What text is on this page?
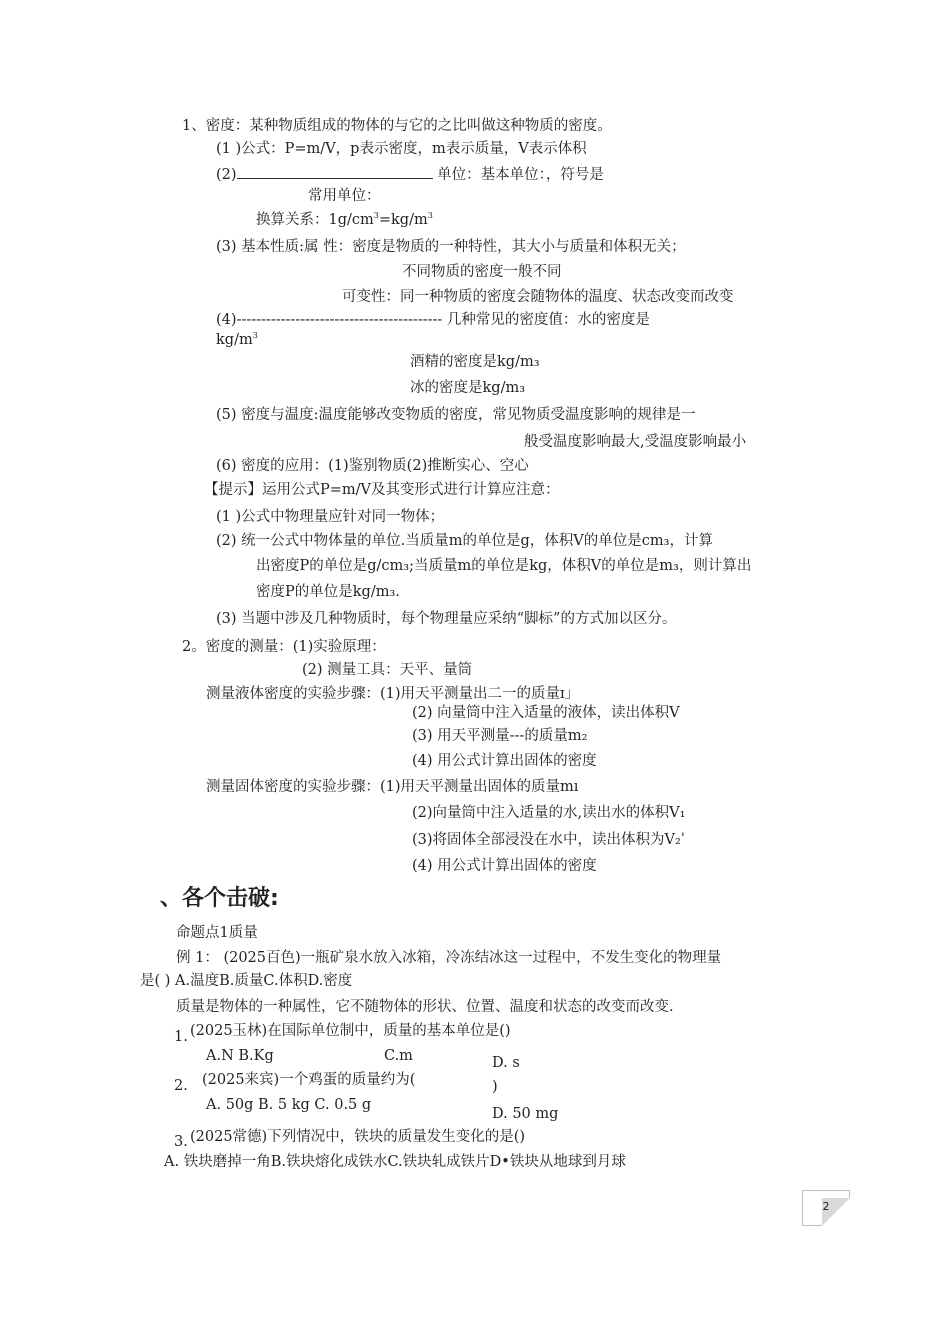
1、密度：某种物质组成的物体的与它的之比叫做这种物质的密度。
(1 )公式：P=m/V，p表示密度，m表示质量，V表示体积
(2)	单位：基本单位：，符号是
常用单位：
换算关系：$1g/cm^3=kg/m^3$
(3) 基本性质:属 性：密度是物质的一种特性，其大小与质量和体积无关；
不同物质的密度一般不同
可变性：同一种物质的密度会随物体的温度、状态改变而改变
(4)------------------------------------------ 几种常见的密度值：水的密度是
$kg/m^3$
酒精的密度是kg/m₃
冰的密度是kg/m₃
(5) 密度与温度:温度能够改变物质的密度，常见物质受温度影响的规律是一
般受温度影响最大,受温度影响最小
(6) 密度的应用：(1)鉴别物质(2)推断实心、空心
【提示】运用公式P=m/V及其变形式进行计算应注意：
(1 )公式中物理量应针对同一物体；
(2) 统一公式中物体量的单位.当质量m的单位是g，体积V的单位是cm₃，计算
出密度P的单位是g/cm₃;当质量m的单位是kg，体积V的单位是m₃，则计算出
密度P的单位是kg/m₃.
(3) 当题中涉及几种物质时，每个物理量应采纳“脚标”的方式加以区分。
2。密度的测量：(1)实验原理：
(2) 测量工具：天平、量筒
测量液体密度的实验步骤：(1)用天平测量出二一的质量ɪ」
(2) 向量筒中注入适量的液体，读出体积V
(3) 用天平测量---的质量m₂
(4) 用公式计算出固体的密度
测量固体密度的实验步骤：(1)用天平测量出固体的质量mı
(2)向量筒中注入适量的水,读出水的体积V₁
(3)将固体全部浸没在水中，读出体积为V₂ˈ
(4) 用公式计算出固体的密度
、各个击破:
命题点1质量
例 1： (2025百色)一瓶矿泉水放入冰箱，冷冻结冰这一过程中，不发生变化的物理量
是( ) A.温度B.质量C.体积D.密度
质量是物体的一种属性，它不随物体的形状、位置、温度和状态的改变而改变.
1. (2025玉林)在国际单位制中，质量的基本单位是()
A.N B.Kg	C.m	D. s
2. (2025来宾)一个鸡蛋的质量约为(	)
A. 50g B. 5 kg C. 0.5 g
D. 50 mg
3. (2025常德)下列情况中，铁块的质量发生变化的是()
A. 铁块磨掉一角B.铁块熔化成铁水C.铁块轧成铁片D•铁块从地球到月球
2
